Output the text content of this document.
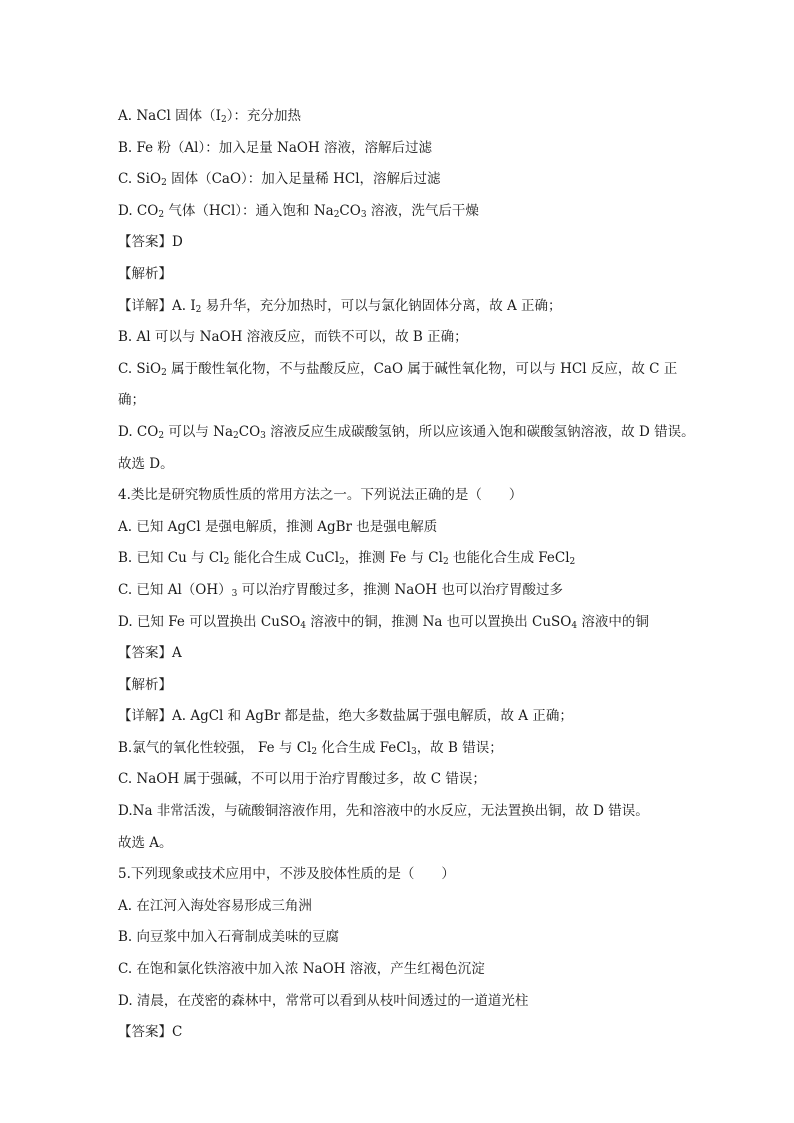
A. NaCl 固体$(I_2)$：充分加热
B. Fe 粉（Al）：加入足量 NaOH 溶液，溶解后过滤
C. SiO$_2$ 固体（CaO）：加入足量稀 HCl，溶解后过滤
D. $CO_2$ 气体（HCl）：通入饱和 $Na_2CO_3$ 溶液，洗气后干燥
【答案】D
【解析】
【详解】A. $I_2$ 易升华，充分加热时，可以与氯化钠固体分离，故 A 正确；
B. Al 可以与 NaOH 溶液反应，而铁不可以，故 B 正确；
C. SiO$_2$ 属于酸性氧化物，不与盐酸反应，CaO 属于碱性氧化物，可以与 HCl 反应，故 C 正
确；
D. $CO_2$ 可以与 $Na_2CO_3$ 溶液反应生成碳酸氢钠，所以应该通入饱和碳酸氢钠溶液，故 D 错误。
故选 D。
4.类比是研究物质性质的常用方法之一。下列说法正确的是（　　）
A. 已知 AgCl 是强电解质，推测 AgBr 也是强电解质
B. 已知 Cu 与 $Cl_2$ 能化合生成 CuCl$_2$，推测 Fe 与 $Cl_2$ 也能化合生成 FeCl$_2$
C. 已知 $Al(OH)_3$ 可以治疗胃酸过多，推测 NaOH 也可以治疗胃酸过多
D. 已知 Fe 可以置换出 CuSO$_4$ 溶液中的铜，推测 Na 也可以置换出 CuSO$_4$ 溶液中的铜
【答案】A
【解析】
【详解】A. AgCl 和 AgBr 都是盐，绝大多数盐属于强电解质，故 A 正确；
B.氯气的氧化性较强， Fe 与 $Cl_2$ 化合生成 FeCl$_3$，故 B 错误；
C. NaOH 属于强碱，不可以用于治疗胃酸过多，故 C 错误；
D.Na 非常活泼，与硫酸铜溶液作用，先和溶液中的水反应，无法置换出铜，故 D 错误。
故选 A。
5.下列现象或技术应用中，不涉及胶体性质的是（　　）
A. 在江河入海处容易形成三角洲
B. 向豆浆中加入石膏制成美味的豆腐
C. 在饱和氯化铁溶液中加入浓 NaOH 溶液，产生红褐色沉淀
D. 清晨，在茂密的森林中，常常可以看到从枝叶间透过的一道道光柱
【答案】C
